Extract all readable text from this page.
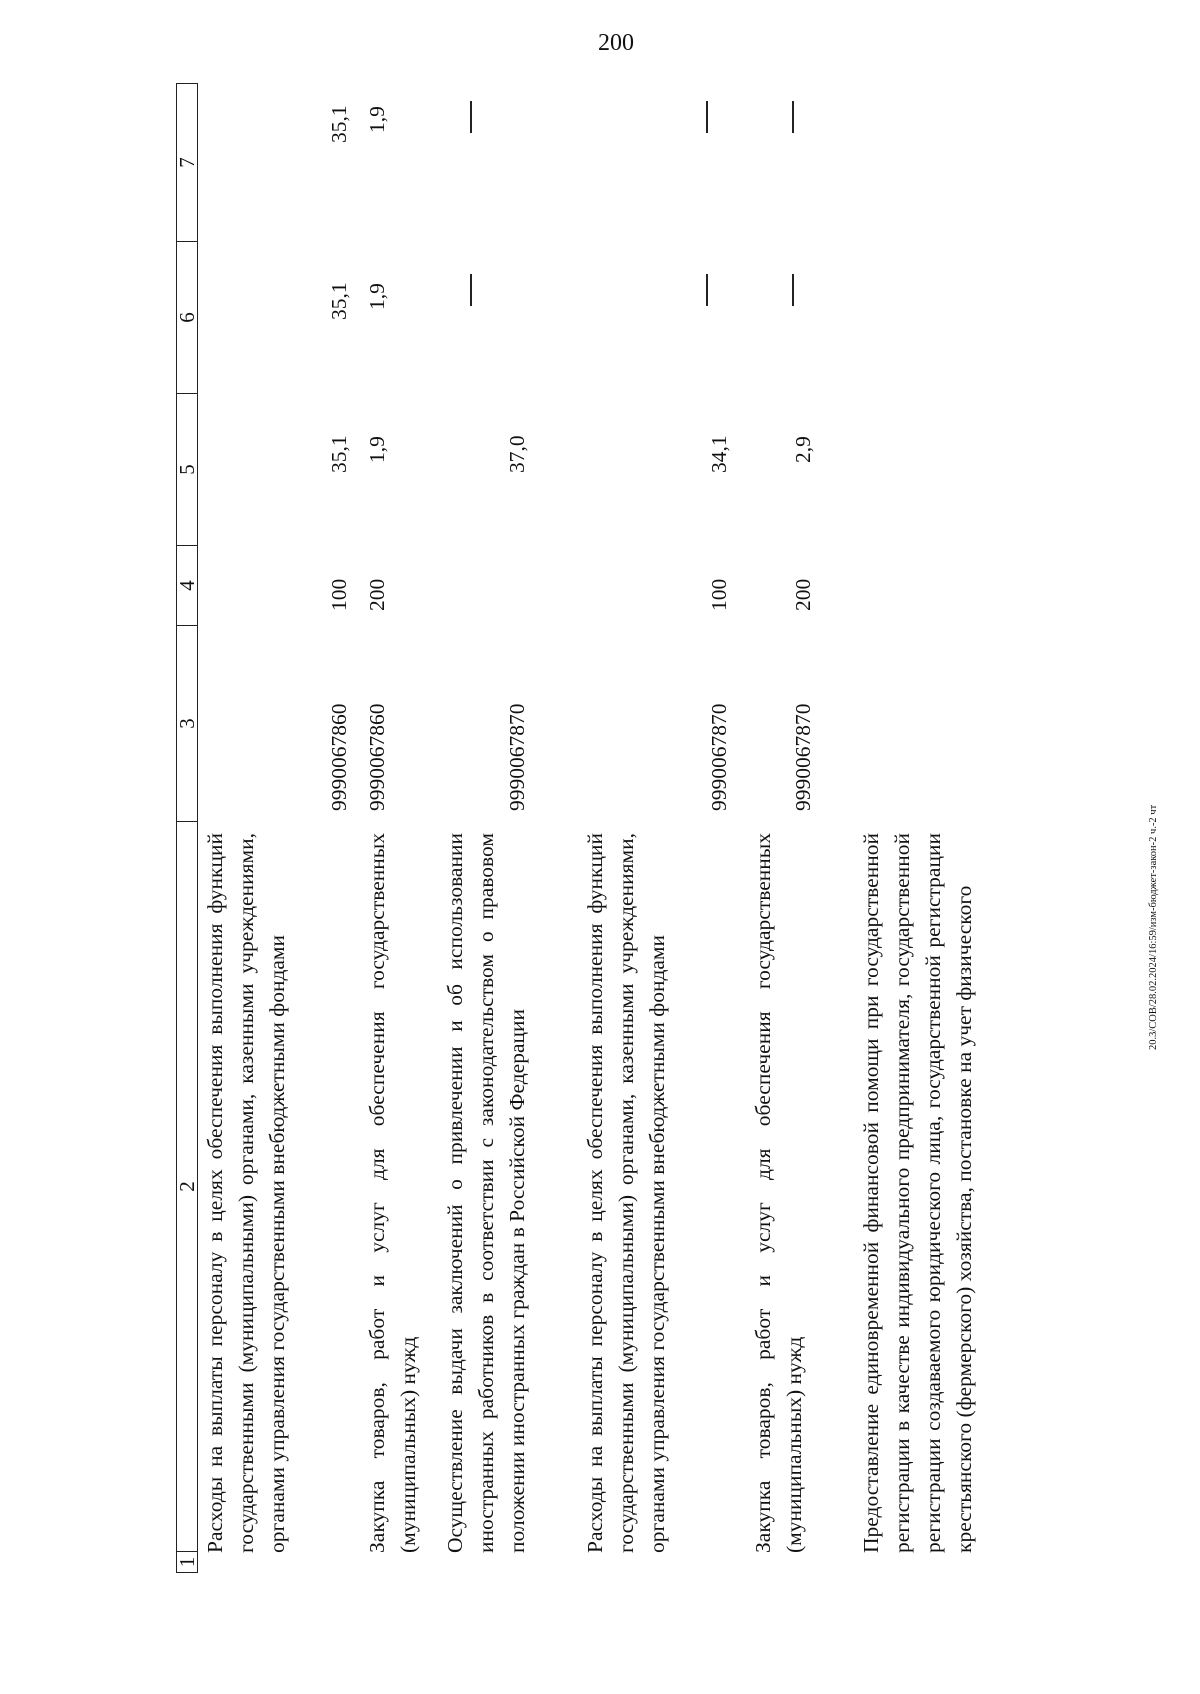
200
20.3/СОВ/28.02.2024/16:59/изм-бюджет-закон-2 ч.-2 чт
1
2
3
4
5
6
7
Расходы на выплаты персоналу в целях обеспечения выполнения функций государственными (муниципальными) органами, казенными учреждениями, органами управления государственными внебюджетными фондами
9990067860
100
35,1
35,1
35,1
Закупка товаров, работ и услуг для обеспечения государственных (муниципальных) нужд
9990067860
200
1,9
1,9
1,9
Осуществление выдачи заключений о привлечении и об использовании иностранных работников в соответствии с законодательством о правовом положении иностранных граждан в Российской Федерации
9990067870
37,0
Расходы на выплаты персоналу в целях обеспечения выполнения функций государственными (муниципальными) органами, казенными учреждениями, органами управления государственными внебюджетными фондами
9990067870
100
34,1
Закупка товаров, работ и услуг для обеспечения государственных (муниципальных) нужд
9990067870
200
2,9
Предоставление единовременной финансовой помощи при государственной регистрации в качестве индивидуального предпринимателя, государственной регистрации создаваемого юридического лица, государственной регистрации крестьянского (фермерского) хозяйства, постановке на учет физического
